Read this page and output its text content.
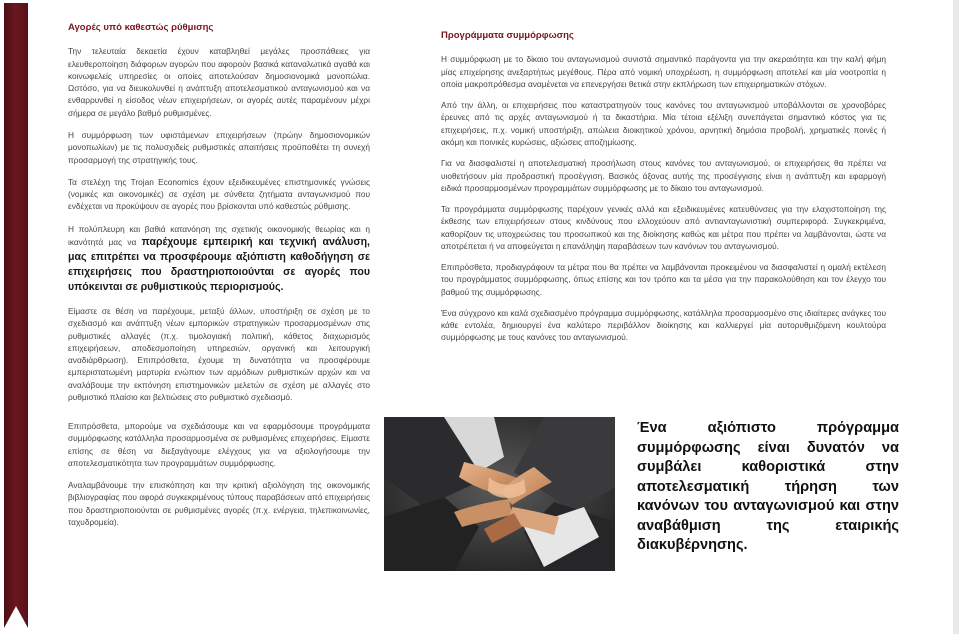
Αγορές υπό καθεστώς ρύθμισης

Την τελευταία δεκαετία έχουν καταβληθεί μεγάλες προσπάθειες για ελευθεροποίηση διάφορων αγορών που αφορούν βασικά καταναλωτικά αγαθά και κοινωφελείς υπηρεσίες οι οποίες αποτελούσαν δημοσιονομικά μονοπώλια. Ωστόσο, για να διευκολυνθεί η ανάπτυξη αποτελεσματικού ανταγωνισμού και να ενθαρρυνθεί η είσοδος νέων επιχειρήσεων, οι αγορές αυτές παραμένουν μέχρι σήμερα σε μεγάλο βαθμό ρυθμισμένες.

Η συμμόρφωση των υφιστάμενων επιχειρήσεων (πρώην δημοσιονομικών μονοπωλίων) με τις πολυσχιδείς ρυθμιστικές απαιτήσεις προϋποθέτει τη συνεχή προσαρμογή της στρατηγικής τους.

Τα στελέχη της Trojan Economics έχουν εξειδικευμένες επιστημονικές γνώσεις (νομικές και οικονομικές) σε σχέση με σύνθετα ζητήματα ανταγωνισμού που ενδέχεται να προκύψουν σε αγορές που βρίσκονται υπό καθεστώς ρύθμισης.

Η πολύπλευρη και βαθιά κατανόηση της σχετικής οικονομικής θεωρίας και η ικανότητά μας να παρέχουμε εμπειρική και τεχνική ανάλυση, μας επιτρέπει να προσφέρουμε αξιόπιστη καθοδήγηση σε επιχειρήσεις που δραστηριοποιούνται σε αγορές που υπόκεινται σε ρυθμιστικούς περιορισμούς.

Είμαστε σε θέση να παρέχουμε, μεταξύ άλλων, υποστήριξη σε σχέση με το σχεδιασμό και ανάπτυξη νέων εμπορικών στρατηγικών προσαρμοσμένων στις ρυθμιστικές αλλαγές (π.χ. τιμολογιακή πολιτική, κάθετος διαχωρισμός επιχειρήσεων, αποδεσμοποίηση υπηρεσιών, οργανική και λειτουργική αναδιάρθρωση). Επιπρόσθετα, έχουμε τη δυνατότητα να προσφέρουμε εμπεριστατωμένη μαρτυρία ενώπιον των αρμόδιων ρυθμιστικών αρχών και να αναλάβουμε την εκπόνηση επιστημονικών μελετών σε σχέση με αλλαγές στο ρυθμιστικό πλαίσιο και βελτιώσεις στο ρυθμιστικό σχεδιασμό.

Επιπρόσθετα, μπορούμε να σχεδιάσουμε και να εφαρμόσουμε προγράμματα συμμόρφωσης κατάλληλα προσαρμοσμένα σε ρυθμισμένες επιχειρήσεις. Είμαστε επίσης σε θέση να διεξαγάγουμε ελέγχους για να αξιολογήσουμε την αποτελεσματικότητα των προγραμμάτων συμμόρφωσης.

Αναλαμβάνουμε την επισκόπηση και την κριτική αξιολόγηση της οικονομικής βιβλιογραφίας που αφορά συγκεκριμένους τύπους παραβάσεων από επιχειρήσεις που δραστηριοποιούνται σε ρυθμισμένες αγορές (π.χ. ενέργεια, τηλεπικοινωνίες, ταχυδρομεία).

Προγράμματα συμμόρφωσης

Η συμμόρφωση με το δίκαιο του ανταγωνισμού συνιστά σημαντικό παράγοντα για την ακεραιότητα και την καλή φήμη μίας επιχείρησης ανεξαρτήτως μεγέθους. Πέρα από νομική υποχρέωση, η συμμόρφωση αποτελεί και μία νοοτροπία η οποία μακροπρόθεσμα αναμένεται να επενεργήσει θετικά στην εκπλήρωση των επιχειρηματικών στόχων.

Από την άλλη, οι επιχειρήσεις που καταστρατηγούν τους κανόνες του ανταγωνισμού υποβάλλονται σε χρονοβόρες έρευνες από τις αρχές ανταγωνισμού ή τα δικαστήρια. Μία τέτοια εξέλιξη συνεπάγεται σημαντικό κόστος για τις επιχειρήσεις, π.χ. νομική υποστήριξη, απώλεια διοικητικού χρόνου, αρνητική δημόσια προβολή, χρηματικές ποινές ή ακόμη και ποινικές κυρώσεις, αξιώσεις αποζημίωσης.

Για να διασφαλιστεί η αποτελεσματική προσήλωση στους κανόνες του ανταγωνισμού, οι επιχειρήσεις θα πρέπει να υιοθετήσουν μία προδραστική προσέγγιση. Βασικός άξονας αυτής της προσέγγισης είναι η ανάπτυξη και εφαρμογή ειδικά προσαρμοσμένων προγραμμάτων συμμόρφωσης με το δίκαιο του ανταγωνισμού.

Τα προγράμματα συμμόρφωσης παρέχουν γενικές αλλά και εξειδικευμένες κατευθύνσεις για την ελαχιστοποίηση της έκθεσης των επιχειρήσεων στους κινδύνους που ελλοχεύουν από αντιανταγωνιστική συμπεριφορά. Συγκεκριμένα, καθορίζουν τις υποχρεώσεις του προσωπικού και της διοίκησης καθώς και μέτρα που πρέπει να λαμβάνονται, ώστε να αποτρέπεται ή να αποφεύγεται η επανάληψη παραβάσεων των κανόνων του ανταγωνισμού.

Επιπρόσθετα, προδιαγράφουν τα μέτρα που θα πρέπει να λαμβάνονται προκειμένου να διασφαλιστεί η ομαλή εκτέλεση του προγράμματος συμμόρφωσης, όπως επίσης και τον τρόπο και τα μέσα για την παρακολούθηση και τον έλεγχο του βαθμού της συμμόρφωσης.

Ένα σύγχρονο και καλά σχεδιασμένο πρόγραμμα συμμόρφωσης, κατάλληλα προσαρμοσμένο στις ιδιαίτερες ανάγκες του κάθε εντολέα, δημιουργεί ένα καλύτερο περιβάλλον διοίκησης και καλλιεργεί μία αυτορυθμιζόμενη κουλτούρα συμμόρφωσης με τους κανόνες του ανταγωνισμού.

Ένα αξιόπιστο πρόγραμμα συμμόρφωσης είναι δυνατόν να συμβάλει καθοριστικά στην αποτελεσματική τήρηση των κανόνων του ανταγωνισμού και στην αναβάθμιση της εταιρικής διακυβέρνησης.
